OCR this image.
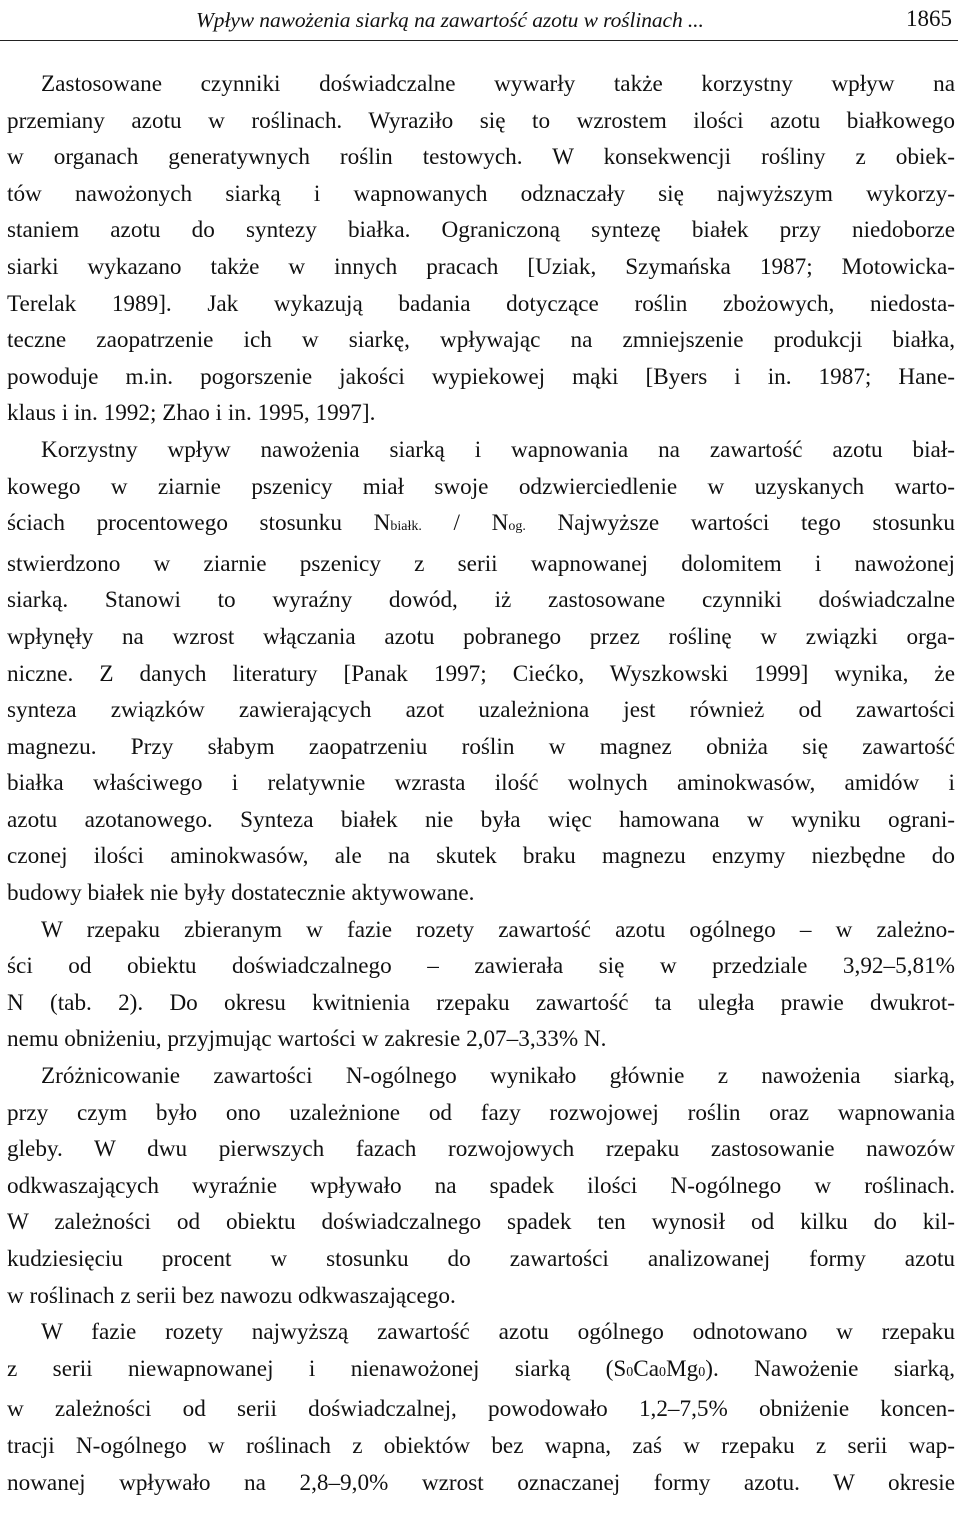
Wpływ nawożenia siarką na zawartość azotu w roślinach ...	1865
Zastosowane czynniki doświadczalne wywarły także korzystny wpływ na
przemiany azotu w roślinach. Wyraziło się to wzrostem ilości azotu białkowego
w organach generatywnych roślin testowych. W konsekwencji rośliny z obiek-
tów nawożonych siarką i wapnowanych odznaczały się najwyższym wykorzy-
staniem azotu do syntezy białka. Ograniczoną syntezę białek przy niedoborze
siarki wykazano także w innych pracach [Uziak, Szymańska 1987; Motowicka-
Terelak 1989]. Jak wykazują badania dotyczące roślin zbożowych, niedosta-
teczne zaopatrzenie ich w siarkę, wpływając na zmniejszenie produkcji białka,
powoduje m.in. pogorszenie jakości wypiekowej mąki [Byers i in. 1987; Hane-
klaus i in. 1992; Zhao i in. 1995, 1997].
Korzystny wpływ nawożenia siarką i wapnowania na zawartość azotu biał-
kowego w ziarnie pszenicy miał swoje odzwierciedlenie w uzyskanych warto-
ściach procentowego stosunku Nbiałk. / Nog. Najwyższe wartości tego stosunku
stwierdzono w ziarnie pszenicy z serii wapnowanej dolomitem i nawożonej
siarką. Stanowi to wyraźny dowód, iż zastosowane czynniki doświadczalne
wpłynęły na wzrost włączania azotu pobranego przez roślinę w związki orga-
niczne. Z danych literatury [Panak 1997; Ciećko, Wyszkowski 1999] wynika, że
synteza związków zawierających azot uzależniona jest również od zawartości
magnezu. Przy słabym zaopatrzeniu roślin w magnez obniża się zawartość
białka właściwego i relatywnie wzrasta ilość wolnych aminokwasów, amidów i
azotu azotanowego. Synteza białek nie była więc hamowana w wyniku ograni-
czonej ilości aminokwasów, ale na skutek braku magnezu enzymy niezbędne do
budowy białek nie były dostatecznie aktywowane.
W rzepaku zbieranym w fazie rozety zawartość azotu ogólnego – w zależno-
ści od obiektu doświadczalnego – zawierała się w przedziale 3,92–5,81%
N (tab. 2). Do okresu kwitnienia rzepaku zawartość ta uległa prawie dwukrot-
nemu obniżeniu, przyjmując wartości w zakresie 2,07–3,33% N.
Zróżnicowanie zawartości N-ogólnego wynikało głównie z nawożenia siarką,
przy czym było ono uzależnione od fazy rozwojowej roślin oraz wapnowania
gleby. W dwu pierwszych fazach rozwojowych rzepaku zastosowanie nawozów
odkwaszających wyraźnie wpływało na spadek ilości N-ogólnego w roślinach.
W zależności od obiektu doświadczalnego spadek ten wynosił od kilku do kil-
kudziesięciu procent w stosunku do zawartości analizowanej formy azotu
w roślinach z serii bez nawozu odkwaszającego.
W fazie rozety najwyższą zawartość azotu ogólnego odnotowano w rzepaku
z serii niewapnowanej i nienawożonej siarką (S0Ca0Mg0). Nawożenie siarką,
w zależności od serii doświadczalnej, powodowało 1,2–7,5% obniżenie koncen-
tracji N-ogólnego w roślinach z obiektów bez wapna, zaś w rzepaku z serii wap-
nowanej wpływało na 2,8–9,0% wzrost oznaczanej formy azotu. W okresie
